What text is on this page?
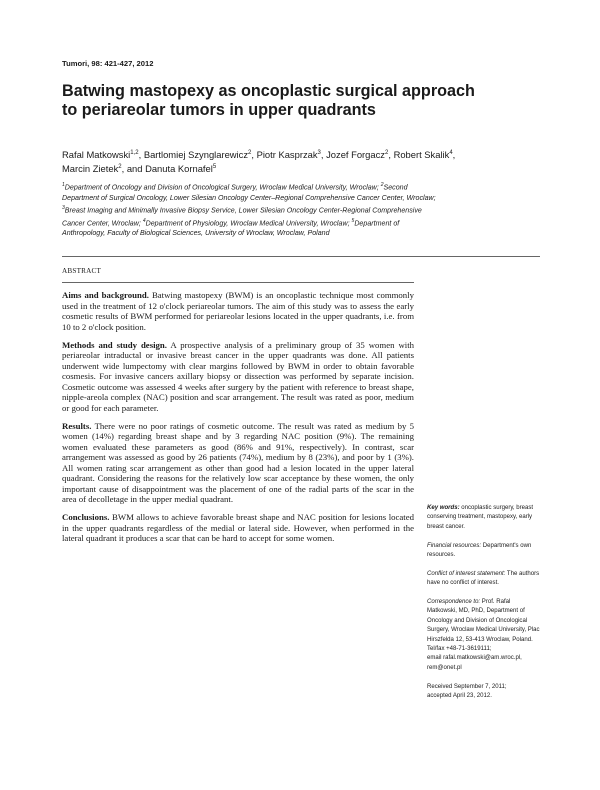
Tumori, 98: 421-427, 2012
Batwing mastopexy as oncoplastic surgical approach to periareolar tumors in upper quadrants
Rafal Matkowski$^{1,2}$, Bartlomiej Szynglarewicz$^2$, Piotr Kasprzak$^3$, Jozef Forgacz$^2$, Robert Skalik$^4$, Marcin Zietek$^2$, and Danuta Kornafel$^5$
$^1$Department of Oncology and Division of Oncological Surgery, Wroclaw Medical University, Wroclaw; $^2$Second Department of Surgical Oncology, Lower Silesian Oncology Center–Regional Comprehensive Cancer Center, Wroclaw; $^3$Breast Imaging and Minimally Invasive Biopsy Service, Lower Silesian Oncology Center-Regional Comprehensive Cancer Center, Wroclaw; $^4$Department of Physiology, Wroclaw Medical University, Wroclaw; $^5$Department of Anthropology, Faculty of Biological Sciences, University of Wroclaw, Wroclaw, Poland
ABSTRACT

Aims and background. Batwing mastopexy (BWM) is an oncoplastic technique most commonly used in the treatment of 12 o'clock periareolar tumors. The aim of this study was to assess the early cosmetic results of BWM performed for periareolar lesions located in the upper quadrants, i.e. from 10 to 2 o'clock position.

Methods and study design. A prospective analysis of a preliminary group of 35 women with periareolar intraductal or invasive breast cancer in the upper quadrants was done. All patients underwent wide lumpectomy with clear margins followed by BWM in order to obtain favorable cosmesis. For invasive cancers axillary biopsy or dissection was performed by separate incision. Cosmetic outcome was assessed 4 weeks after surgery by the patient with reference to breast shape, nipple-areola complex (NAC) position and scar arrangement. The result was rated as poor, medium or good for each parameter.

Results. There were no poor ratings of cosmetic outcome. The result was rated as medium by 5 women (14%) regarding breast shape and by 3 regarding NAC position (9%). The remaining women evaluated these parameters as good (86% and 91%, respectively). In contrast, scar arrangement was assessed as good by 26 patients (74%), medium by 8 (23%), and poor by 1 (3%). All women rating scar arrangement as other than good had a lesion located in the upper lateral quadrant. Considering the reasons for the relatively low scar acceptance by these women, the only important cause of disappointment was the placement of one of the radial parts of the scar in the area of decolletage in the upper medial quadrant.

Conclusions. BWM allows to achieve favorable breast shape and NAC position for lesions located in the upper quadrants regardless of the medial or lateral side. However, when performed in the lateral quadrant it produces a scar that can be hard to accept for some women.

Key words: oncoplastic surgery, breast conserving treatment, mastopexy, early breast cancer.

Financial resources: Department's own resources.

Conflict of interest statement: The authors have no conflict of interest.

Correspondence to: Prof. Rafal Matkowski, MD, PhD, Department of Oncology and Division of Oncological Surgery, Wroclaw Medical University, Plac Hirszfelda 12, 53-413 Wroclaw, Poland.
Tel/fax +48-71-3619111;
email rafal.matkowski@am.wroc.pl, rem@onet.pl

Received September 7, 2011;
accepted April 23, 2012.
